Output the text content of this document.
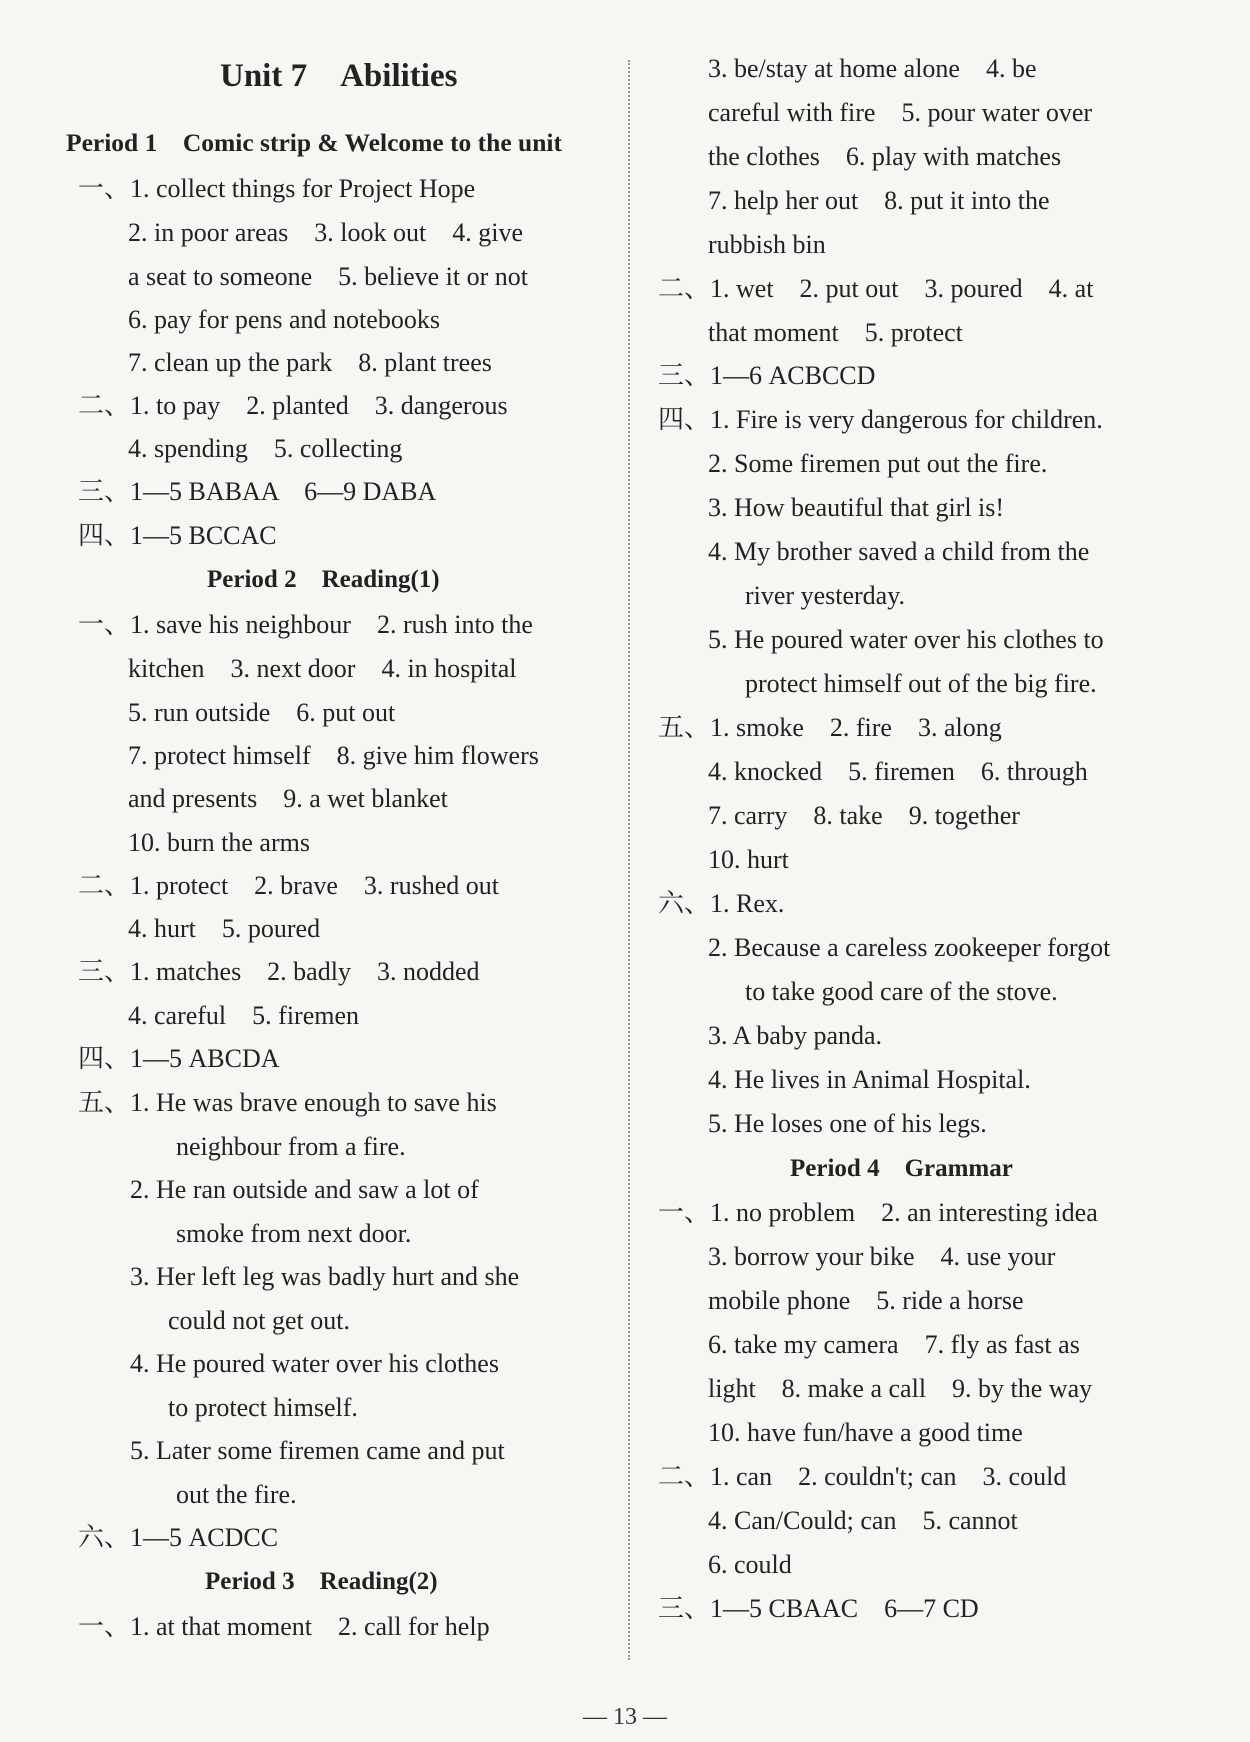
Unit 7　Abilities
Period 1　Comic strip & Welcome to the unit
一、1. collect things for Project Hope
2. in poor areas　3. look out　4. give
a seat to someone　5. believe it or not
6. pay for pens and notebooks
7. clean up the park　8. plant trees
二、1. to pay　2. planted　3. dangerous
4. spending　5. collecting
三、1—5 BABAA　6—9 DABA
四、1—5 BCCAC
Period 2　Reading(1)
一、1. save his neighbour　2. rush into the
kitchen　3. next door　4. in hospital
5. run outside　6. put out
7. protect himself　8. give him flowers
and presents　9. a wet blanket
10. burn the arms
二、1. protect　2. brave　3. rushed out
4. hurt　5. poured
三、1. matches　2. badly　3. nodded
4. careful　5. firemen
四、1—5 ABCDA
五、1. He was brave enough to save his
neighbour from a fire.
2. He ran outside and saw a lot of
smoke from next door.
3. Her left leg was badly hurt and she
could not get out.
4. He poured water over his clothes
to protect himself.
5. Later some firemen came and put
out the fire.
六、1—5 ACDCC
Period 3　Reading(2)
一、1. at that moment　2. call for help
3. be/stay at home alone　4. be
careful with fire　5. pour water over
the clothes　6. play with matches
7. help her out　8. put it into the
rubbish bin
二、1. wet　2. put out　3. poured　4. at
that moment　5. protect
三、1—6 ACBCCD
四、1. Fire is very dangerous for children.
2. Some firemen put out the fire.
3. How beautiful that girl is!
4. My brother saved a child from the
river yesterday.
5. He poured water over his clothes to
protect himself out of the big fire.
五、1. smoke　2. fire　3. along
4. knocked　5. firemen　6. through
7. carry　8. take　9. together
10. hurt
六、1. Rex.
2. Because a careless zookeeper forgot
to take good care of the stove.
3. A baby panda.
4. He lives in Animal Hospital.
5. He loses one of his legs.
Period 4　Grammar
一、1. no problem　2. an interesting idea
3. borrow your bike　4. use your
mobile phone　5. ride a horse
6. take my camera　7. fly as fast as
light　8. make a call　9. by the way
10. have fun/have a good time
二、1. can　2. couldn't; can　3. could
4. Can/Could; can　5. cannot
6. could
三、1—5 CBAAC　6—7 CD
— 13 —
